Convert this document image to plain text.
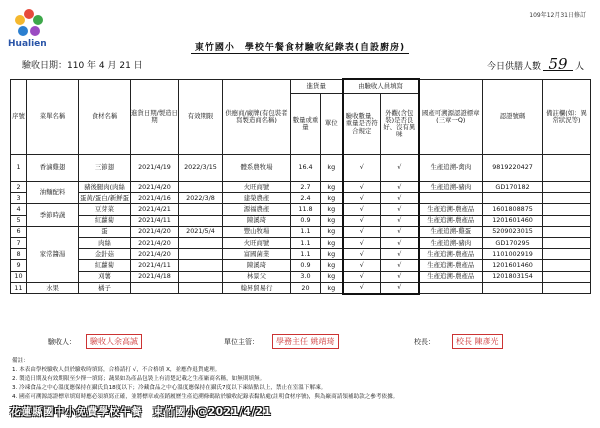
Hualien
109年12月31日修訂
東竹國小　學校午餐食材驗收紀錄表(自設廚房)
驗收日期：110 年 4 月 21 日	今日供膳人數 59 人
序號	菜單名稱	食材名稱	進貨日期/製造日期	有效期限	供應商/廠牌(有包裝者寫製造商名稱)	進貨量		由驗收人員填寫		國產可溯源認證標章(三章一Q)	認證號碼	備註欄(如：異常狀況等)
						數量或重量	單位	驗收數量、重量是否符合規定	外觀(含包裝)是否良好、沒有異味			
1	香滷雞翅	三節翅	2021/4/19	2022/3/15	體系農牧場	16.4	kg	√	√	生產追溯-禽肉	9819220427	
2	油麵配料	豬後腿肉(肉絲	2021/4/20		火旺商號	2.7	kg	√	√	生產追溯-豬肉	GD170182	
3		蛋黃/蛋白/新鮮蛋	2021/4/16	2022/3/8	建榮農產	2.4	kg	√	√			
4	季節時蔬	豆芽菜	2021/4/21		源福農產	11.8	kg	√	√	生產追溯-農產品	1601808875	
5		紅蘿蔔	2021/4/11		陳溪琦	0.9	kg	√	√	生產追溯-農產品	1201601460	
6	家常醬湯	蛋	2021/4/20	2021/5/4	豐山牧場	1.1	kg	√	√	生產追溯-雞蛋	5209023015	
7		肉絲	2021/4/20		火旺商號	1.1	kg	√	√	生產追溯-豬肉	GD170295	
8		金針菇	2021/4/20		富國菌業	1.1	kg	√	√	生產追溯-農產品	1101002919	
9		紅蘿蔔	2021/4/11		陳溪琦	0.9	kg	√	√	生產追溯-農產品	1201601460	
10		刈薯	2021/4/18		林景父	3.0	kg	√	√	生產追溯-農產品	1201803154	
11	水果	橘子			翰昇貿易行	20	kg	√	√			
驗收人：	驗收人余高誠	單位主管：	學務主任 姚靖琦	校長：	校長 陳彥光
備註：
1. 本表由學校驗收人員於驗收時填寫，合格請打 √，不合格填 X，並應作退貨處理。
2. 製造日期及有效期限至少擇一填寫；蔬果如為產品包裝上有清楚記載之生產廠商名稱，如無則填無。
3. 冷凍食品之中心溫度應保持在攝氏負18度以下；冷藏食品之中心溫度應保持在攝氏7度以下凍結點以上，禁止在室溫下解凍。
4. 國產可溯源認證標章填寫時應必須填寫正確，並將標章或產銷履歷生產追溯條碼貼於驗收紀錄表黏貼處(註明食材序號)，與為廠商請領補助款之參考依據。
花蓮縣國中小免費學校午餐　東竹國小@2021/4/21
